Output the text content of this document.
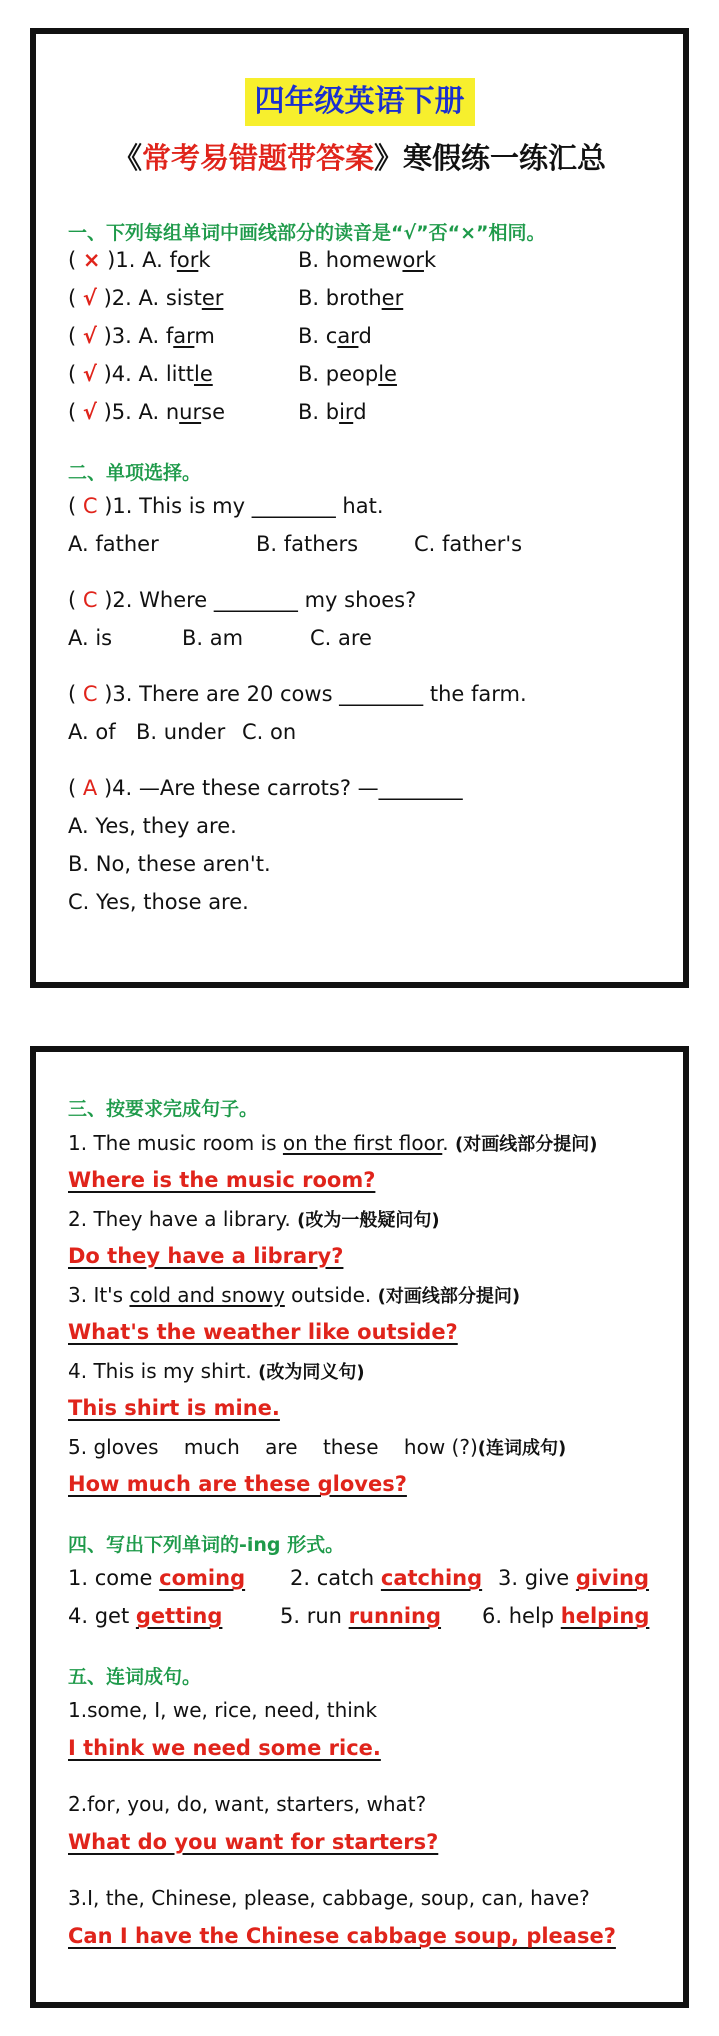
四年级英语下册
《常考易错题带答案》寒假练一练汇总
一、下列每组单词中画线部分的读音是“√”否“×”相同。
( × )1. A. fork	B. homework
( √ )2. A. sister	B. brother
( √ )3. A. farm	B. card
( √ )4. A. little	B. people
( √ )5. A. nurse	B. bird
二、单项选择。
( C )1. This is my ________ hat.
A. father	B. fathers	C. father's
( C )2. Where ________ my shoes?
A. is	B. am	C. are
( C )3. There are 20 cows ________ the farm.
A. of B. under C. on
( A )4. —Are these carrots? —________
A. Yes, they are.
B. No, these aren't.
C. Yes, those are.
三、按要求完成句子。
1. The music room is on the first floor. (对画线部分提问)
Where is the music room?
2. They have a library. (改为一般疑问句)
Do they have a library?
3. It's cold and snowy outside. (对画线部分提问)
What's the weather like outside?
4. This is my shirt. (改为同义句)
This shirt is mine.
5. gloves    much    are    these    how (?)(连词成句)
How much are these gloves?
四、写出下列单词的-ing 形式。
1. come coming 2. catch catching 3. give giving
4. get getting	5. run running 6. help helping
五、连词成句。
1.some, I, we, rice, need, think
I think we need some rice.
2.for, you, do, want, starters, what?
What do you want for starters?
3.I, the, Chinese, please, cabbage, soup, can, have?
Can I have the Chinese cabbage soup, please?
